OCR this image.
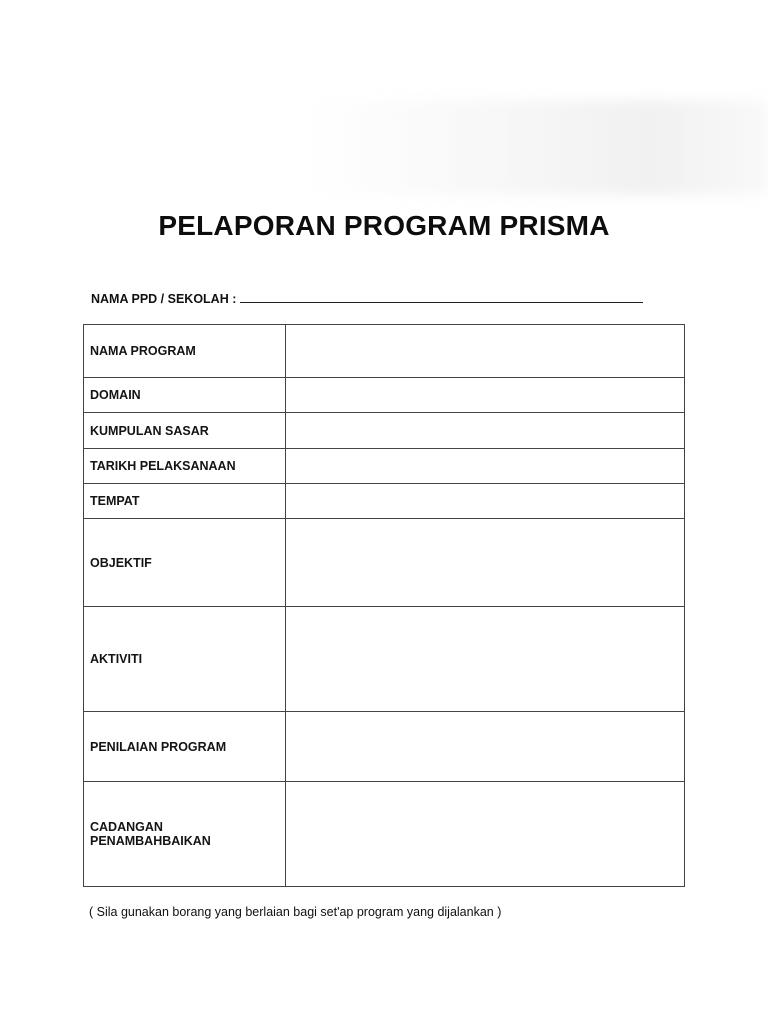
PELAPORAN PROGRAM PRISMA
NAMA PPD / SEKOLAH :
NAMA PROGRAM	
DOMAIN	
KUMPULAN SASAR	
TARIKH PELAKSANAAN	
TEMPAT	
OBJEKTIF	
AKTIVITI	
PENILAIAN PROGRAM	
CADANGAN PENAMBAHBAIKAN	
( Sila gunakan borang yang berlaian bagi set'ap program yang dijalankan )
